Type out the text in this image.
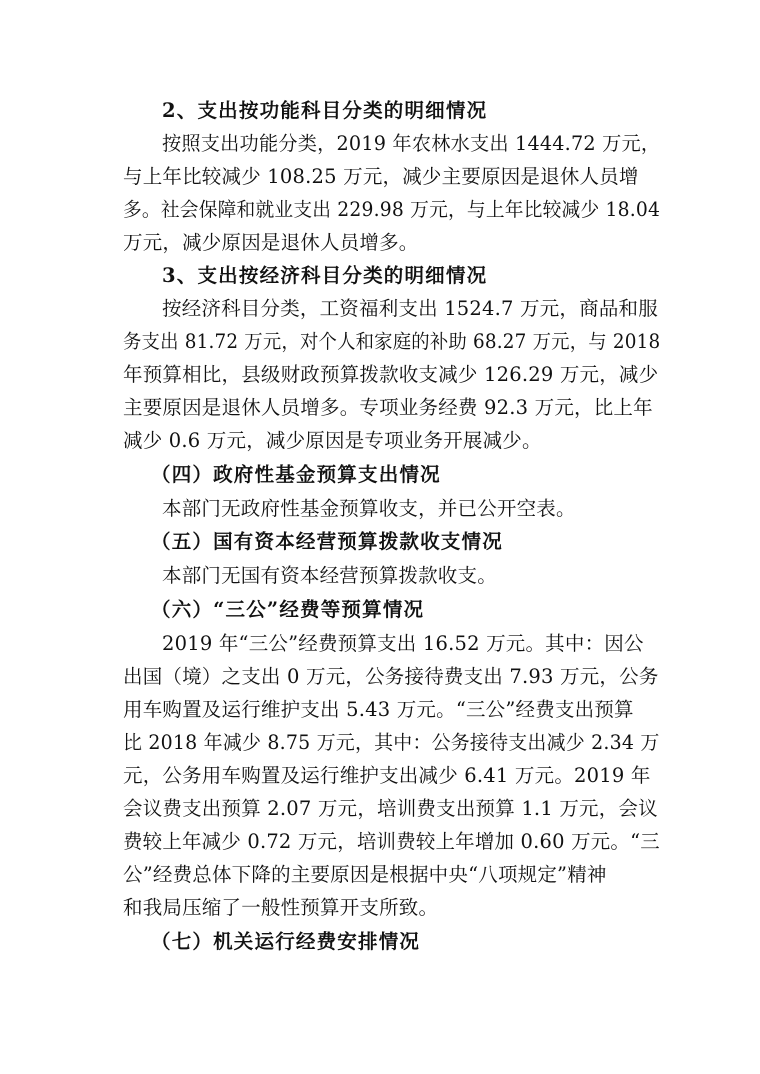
2、支出按功能科目分类的明细情况
按照支出功能分类，2019 年农林水支出 1444.72 万元，
与上年比较减少 108.25 万元，减少主要原因是退休人员增
多。社会保障和就业支出 229.98 万元，与上年比较减少 18.04
万元，减少原因是退休人员增多。
3、支出按经济科目分类的明细情况
按经济科目分类，工资福利支出 1524.7 万元，商品和服
务支出 81.72 万元，对个人和家庭的补助 68.27 万元，与 2018
年预算相比，县级财政预算拨款收支减少 126.29 万元，减少
主要原因是退休人员增多。专项业务经费 92.3 万元，比上年
减少 0.6 万元，减少原因是专项业务开展减少。
（四）政府性基金预算支出情况
本部门无政府性基金预算收支，并已公开空表。
（五）国有资本经营预算拨款收支情况
本部门无国有资本经营预算拨款收支。
（六）“三公”经费等预算情况
2019 年“三公”经费预算支出 16.52 万元。其中：因公
出国（境）之支出 0 万元，公务接待费支出 7.93 万元，公务
用车购置及运行维护支出 5.43 万元。“三公”经费支出预算
比 2018 年减少 8.75 万元，其中：公务接待支出减少 2.34 万
元，公务用车购置及运行维护支出减少 6.41 万元。2019 年
会议费支出预算 2.07 万元，培训费支出预算 1.1 万元，会议
费较上年减少 0.72 万元，培训费较上年增加 0.60 万元。“三
公”经费总体下降的主要原因是根据中央“八项规定”精神
和我局压缩了一般性预算开支所致。
（七）机关运行经费安排情况
